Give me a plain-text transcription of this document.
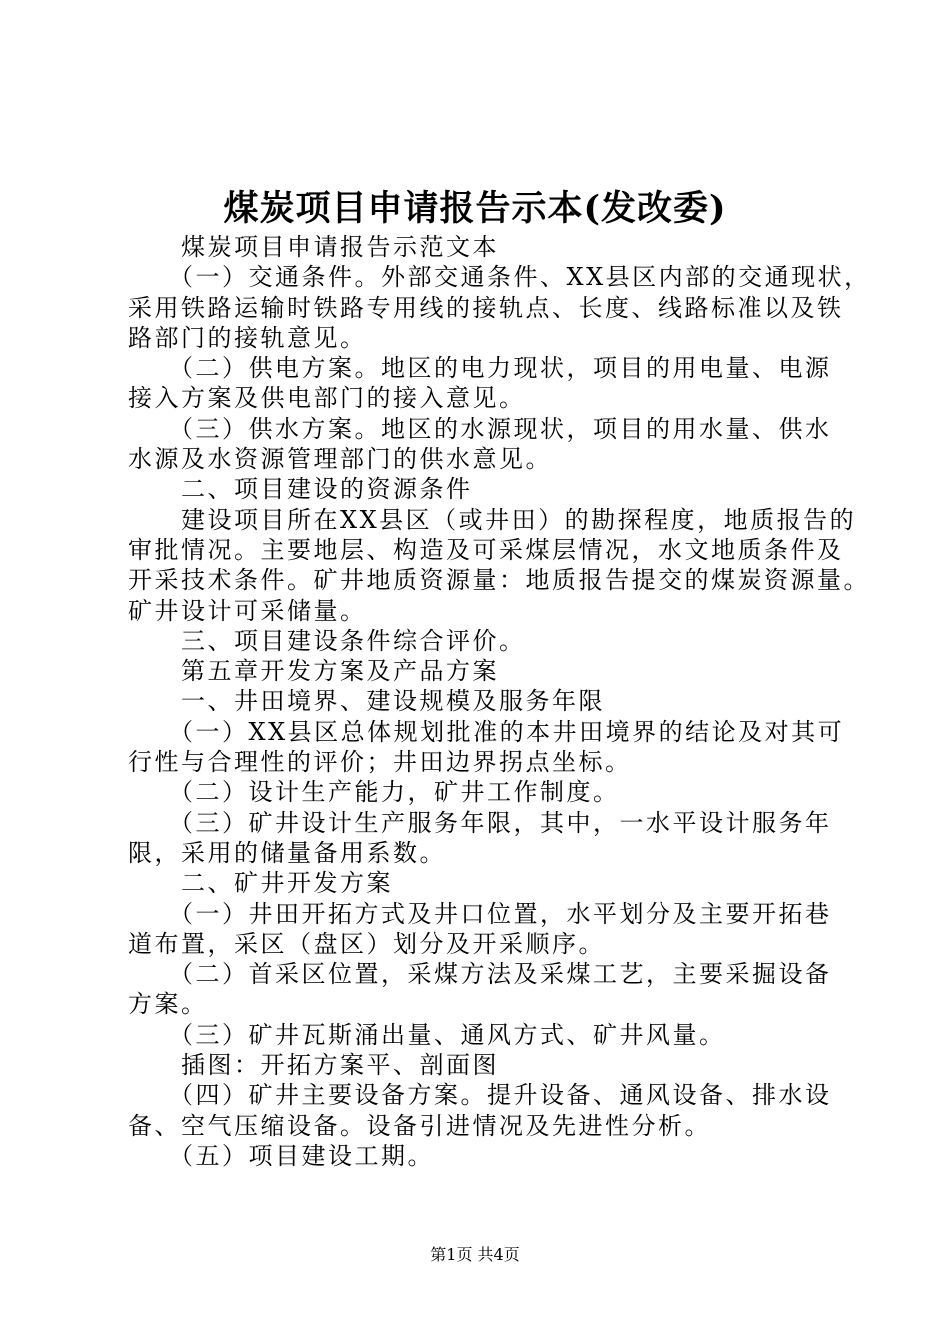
煤炭项目申请报告示本(发改委)

　　煤炭项目申请报告示范文本

　　（一）交通条件。外部交通条件、XX县区内部的交通现状，

采用铁路运输时铁路专用线的接轨点、长度、线路标准以及铁

路部门的接轨意见。

　　（二）供电方案。地区的电力现状，项目的用电量、电源

接入方案及供电部门的接入意见。

　　（三）供水方案。地区的水源现状，项目的用水量、供水

水源及水资源管理部门的供水意见。

　　二、项目建设的资源条件

　　建设项目所在XX县区（或井田）的勘探程度，地质报告的

审批情况。主要地层、构造及可采煤层情况，水文地质条件及

开采技术条件。矿井地质资源量：地质报告提交的煤炭资源量。

矿井设计可采储量。

　　三、项目建设条件综合评价。

　　第五章开发方案及产品方案

　　一、井田境界、建设规模及服务年限

　　（一）XX县区总体规划批准的本井田境界的结论及对其可

行性与合理性的评价；井田边界拐点坐标。

　　（二）设计生产能力，矿井工作制度。

　　（三）矿井设计生产服务年限，其中，一水平设计服务年

限，采用的储量备用系数。

　　二、矿井开发方案

　　（一）井田开拓方式及井口位置，水平划分及主要开拓巷

道布置，采区（盘区）划分及开采顺序。

　　（二）首采区位置，采煤方法及采煤工艺，主要采掘设备

方案。

　　（三）矿井瓦斯涌出量、通风方式、矿井风量。

　　插图：开拓方案平、剖面图

　　（四）矿井主要设备方案。提升设备、通风设备、排水设

备、空气压缩设备。设备引进情况及先进性分析。

　　（五）项目建设工期。

第1页 共4页
